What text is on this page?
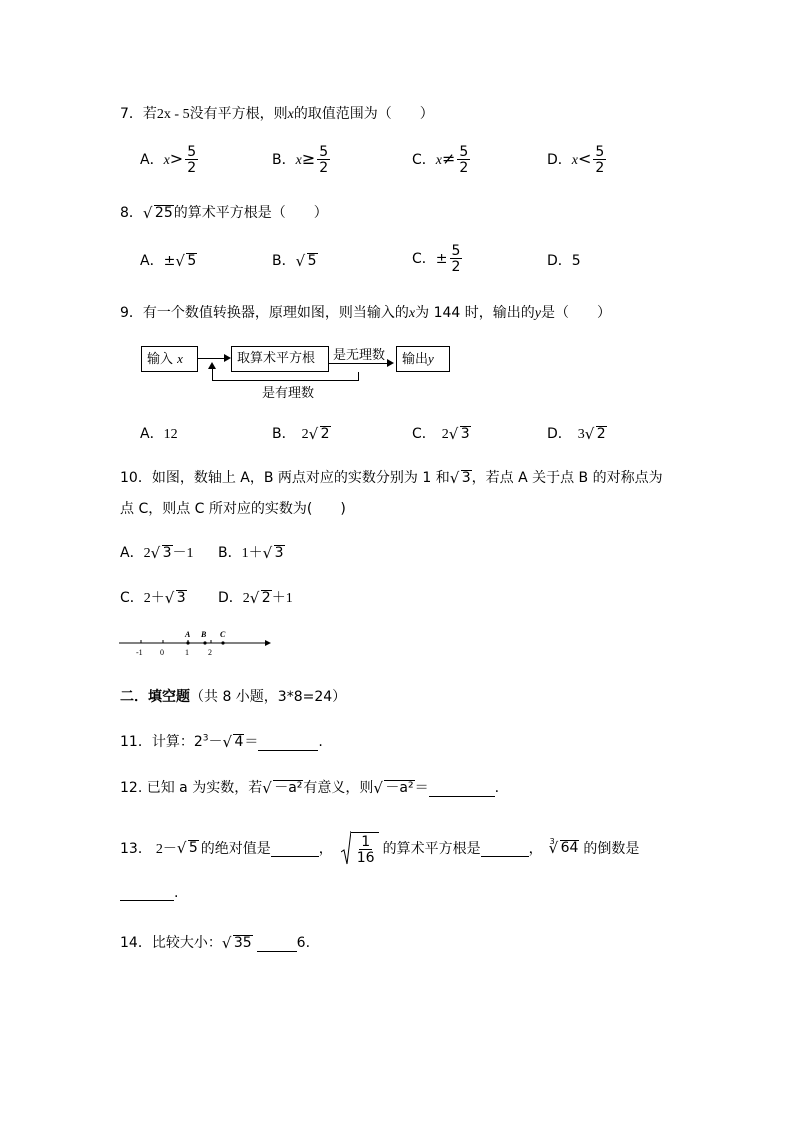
7．若2x - 5没有平方根，则x的取值范围为（　　）
A．$x> \frac{5}{2}$	B．$x\ge \frac{5}{2}$	C．$x\ne \frac{5}{2}$	D．$x< \frac{5}{2}$
8．√ 25的算术平方根是（　　）
A．±√ 5	B．√ 5	C．± $\frac{5}{2}$	D．5
9．有一个数值转换器，原理如图，则当输入的x为 144 时，输出的y是（　　）
输入 x	取算术平方根	是无理数	输出y
是有理数
A．12	B． 2√ 2	C． 2√ 3	D． 3√ 2
10．如图，数轴上 A，B 两点对应的实数分别为 1 和√ 3，若点 A 关于点 B 的对称点为
点 C，则点 C 所对应的实数为(　　)
A．2√ 3－1 B．1＋√ 3
C．2＋√ 3 D．2√ 2＋1
A B C
-1 0	1 2
二．填空题（共 8 小题，3*8=24）
11．计算：$2^3-√$ 4＝	.
12. 已知 a 为实数，若√ －a²有意义，则√ －a²＝	.
13． 2－
√ 5 的绝对值是
	， $\frac{1}{16}$ 的算术平方根是
	， 3
√ 64 的倒数是
.
14．比较大小：√ 35	6.
